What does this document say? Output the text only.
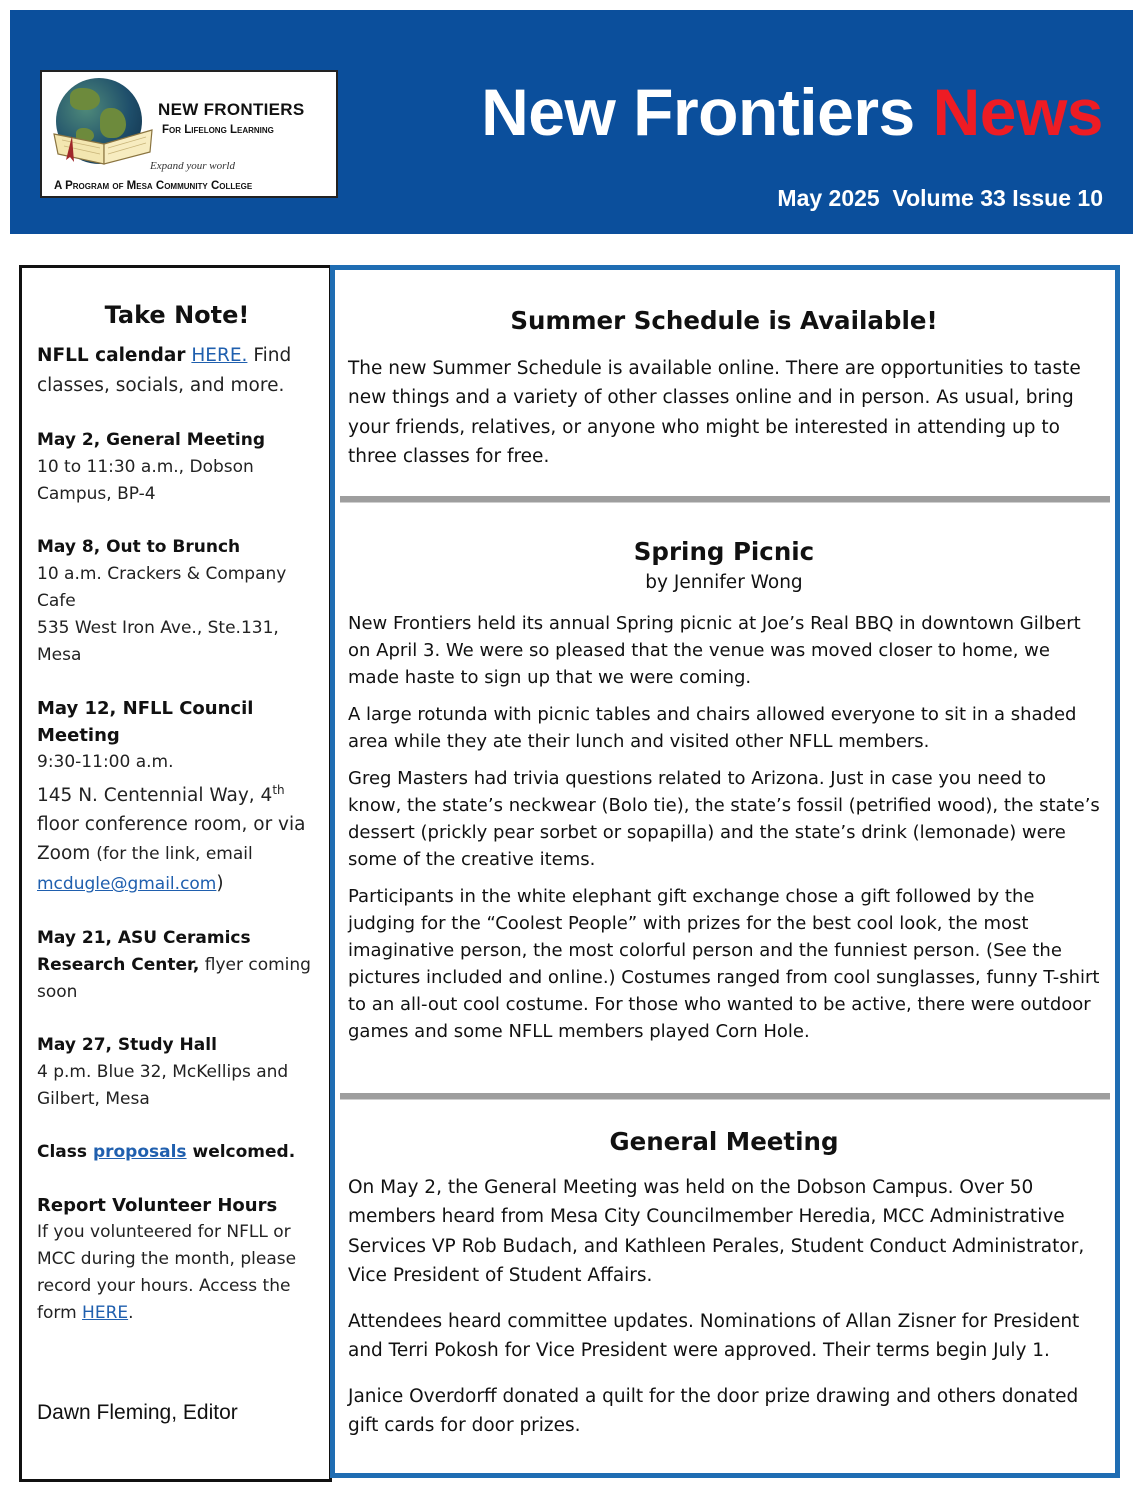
NEW FRONTIERS
For Lifelong Learning
Expand your world
A Program of Mesa Community College
New Frontiers News
May 2025  Volume 33 Issue 10
Take Note!
NFLL calendar HERE. Find classes, socials, and more.
May 2, General Meeting
10 to 11:30 a.m., Dobson Campus, BP-4
May 8, Out to Brunch
10 a.m. Crackers & Company Cafe
535 West Iron Ave., Ste.131, Mesa
May 12, NFLL Council Meeting
9:30-11:00 a.m.
145 N. Centennial Way, 4th floor conference room, or via Zoom (for the link, email mcdugle@gmail.com)
May 21, ASU Ceramics Research Center, flyer coming soon
May 27, Study Hall
4 p.m. Blue 32, McKellips and Gilbert, Mesa
Class proposals welcomed.
Report Volunteer Hours
If you volunteered for NFLL or MCC during the month, please record your hours. Access the form HERE.
Dawn Fleming, Editor
Summer Schedule is Available!
The new Summer Schedule is available online. There are opportunities to taste new things and a variety of other classes online and in person. As usual, bring your friends, relatives, or anyone who might be interested in attending up to three classes for free.
Spring Picnic
by Jennifer Wong
New Frontiers held its annual Spring picnic at Joe’s Real BBQ in downtown Gilbert on April 3. We were so pleased that the venue was moved closer to home, we made haste to sign up that we were coming.
A large rotunda with picnic tables and chairs allowed everyone to sit in a shaded area while they ate their lunch and visited other NFLL members.
Greg Masters had trivia questions related to Arizona. Just in case you need to know, the state’s neckwear (Bolo tie), the state’s fossil (petrified wood), the state’s dessert (prickly pear sorbet or sopapilla) and the state’s drink (lemonade) were some of the creative items.
Participants in the white elephant gift exchange chose a gift followed by the judging for the “Coolest People” with prizes for the best cool look, the most imaginative person, the most colorful person and the funniest person. (See the pictures included and online.) Costumes ranged from cool sunglasses, funny T-shirt to an all-out cool costume. For those who wanted to be active, there were outdoor games and some NFLL members played Corn Hole.
General Meeting
On May 2, the General Meeting was held on the Dobson Campus. Over 50 members heard from Mesa City Councilmember Heredia, MCC Administrative Services VP Rob Budach, and Kathleen Perales, Student Conduct Administrator, Vice President of Student Affairs.
Attendees heard committee updates. Nominations of Allan Zisner for President and Terri Pokosh for Vice President were approved. Their terms begin July 1.
Janice Overdorff donated a quilt for the door prize drawing and others donated gift cards for door prizes.
